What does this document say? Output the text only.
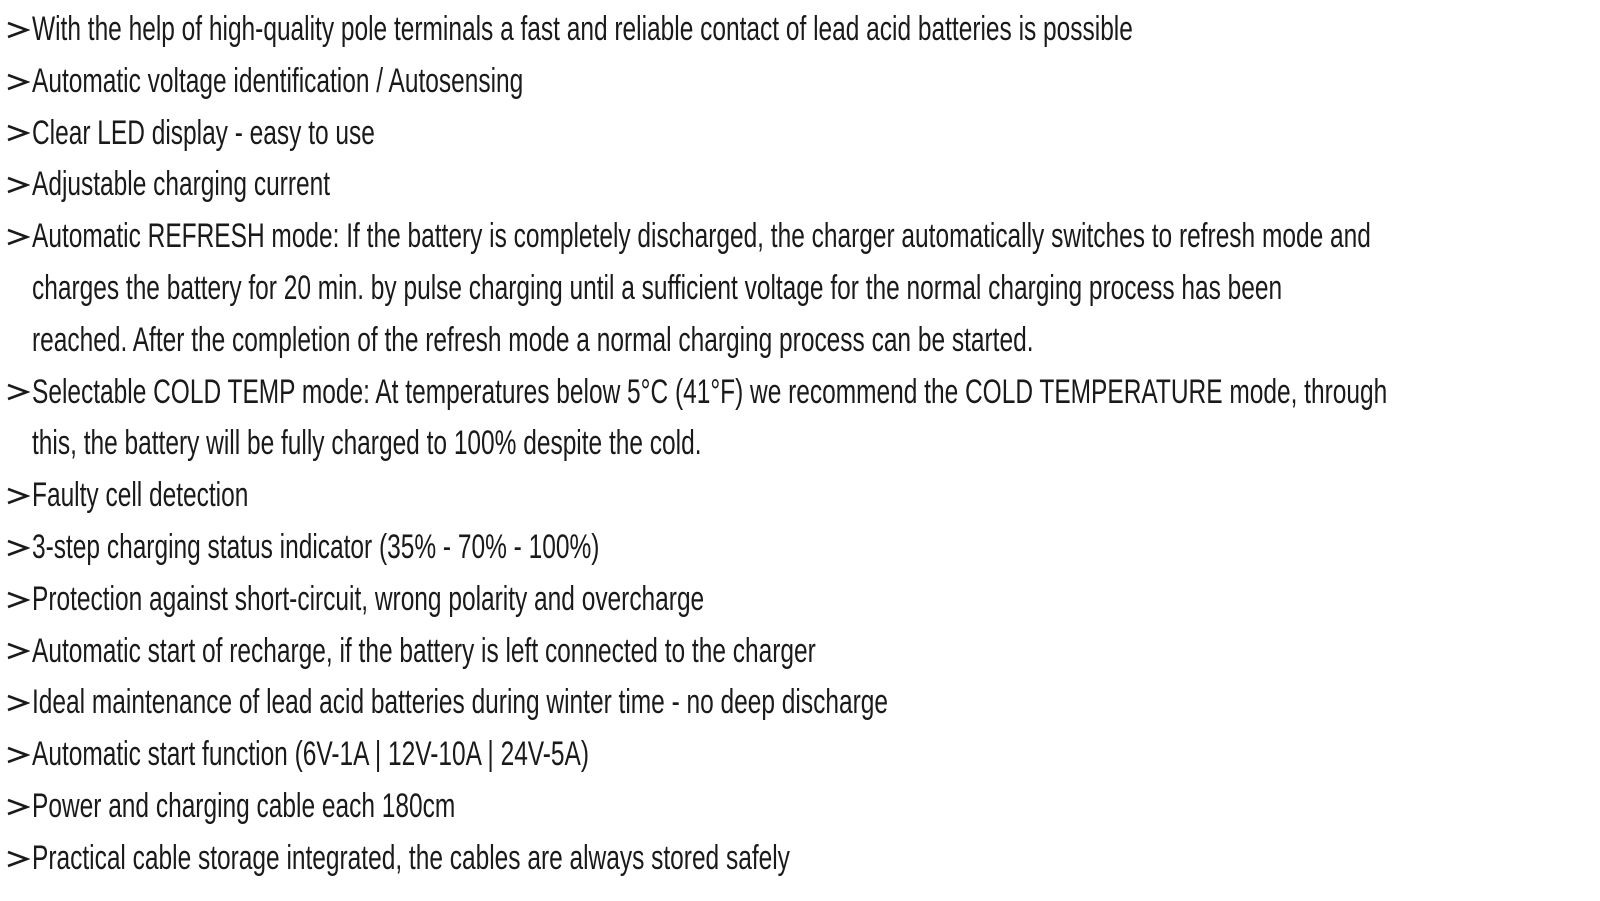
With the help of high-quality pole terminals a fast and reliable contact of lead acid batteries is possible
Automatic voltage identification / Autosensing
Clear LED display - easy to use
Adjustable charging current
Automatic REFRESH mode: If the battery is completely discharged, the charger automatically switches to refresh mode and
charges the battery for 20 min. by pulse charging until a sufficient voltage for the normal charging process has been
reached. After the completion of the refresh mode a normal charging process can be started.
Selectable COLD TEMP mode: At temperatures below 5°C (41°F) we recommend the COLD TEMPERATURE mode, through
this, the battery will be fully charged to 100% despite the cold.
Faulty cell detection
3-step charging status indicator (35% - 70% - 100%)
Protection against short-circuit, wrong polarity and overcharge
Automatic start of recharge, if the battery is left connected to the charger
Ideal maintenance of lead acid batteries during winter time - no deep discharge
Automatic start function (6V-1A | 12V-10A | 24V-5A)
Power and charging cable each 180cm
Practical cable storage integrated, the cables are always stored safely
